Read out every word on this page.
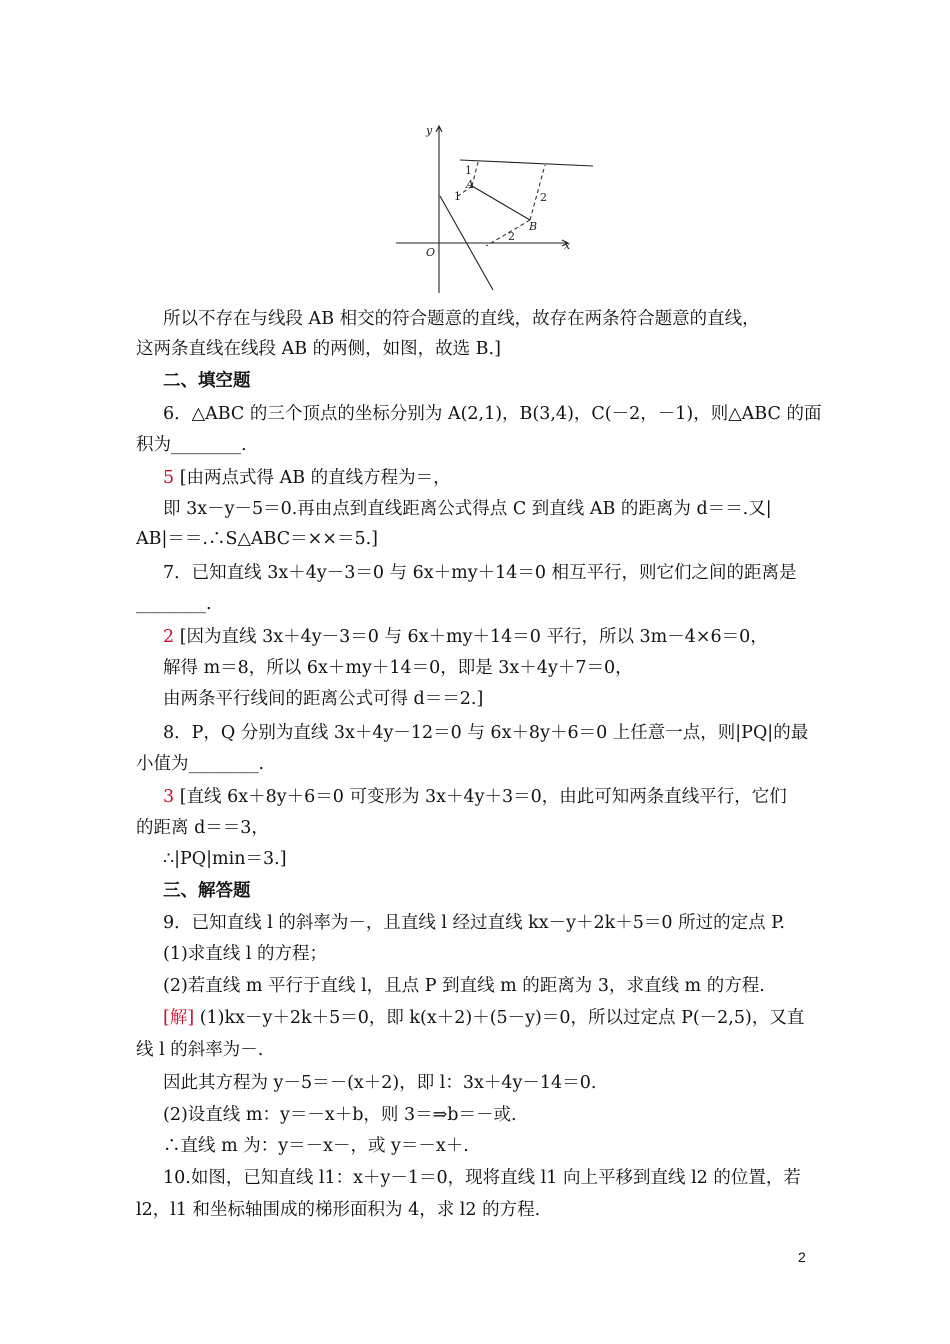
y
x
O
A
B
1
1	2
2
所以不存在与线段 AB 相交的符合题意的直线，故存在两条符合题意的直线，
这两条直线在线段 AB 的两侧，如图，故选 B.]
二、填空题
6．△ABC 的三个顶点的坐标分别为 A(2,1)，B(3,4)，C(－2，－1)，则△ABC 的面
积为________.
5 [由两点式得 AB 的直线方程为＝，
即 3x－y－5＝0.再由点到直线距离公式得点 C 到直线 AB 的距离为 d＝＝.又|
AB|＝＝.∴S△ABC＝××＝5.]
7．已知直线 3x＋4y－3＝0 与 6x＋my＋14＝0 相互平行，则它们之间的距离是
________.
2 [因为直线 3x＋4y－3＝0 与 6x＋my＋14＝0 平行，所以 3m－4×6＝0，
解得 m＝8，所以 6x＋my＋14＝0，即是 3x＋4y＋7＝0，
由两条平行线间的距离公式可得 d＝＝2.]
8．P，Q 分别为直线 3x＋4y－12＝0 与 6x＋8y＋6＝0 上任意一点，则|PQ|的最
小值为________.
3 [直线 6x＋8y＋6＝0 可变形为 3x＋4y＋3＝0，由此可知两条直线平行，它们
的距离 d＝＝3，
∴|PQ|min＝3.]
三、解答题
9．已知直线 l 的斜率为－，且直线 l 经过直线 kx－y＋2k＋5＝0 所过的定点 P.
(1)求直线 l 的方程；
(2)若直线 m 平行于直线 l，且点 P 到直线 m 的距离为 3，求直线 m 的方程.
[解] (1)kx－y＋2k＋5＝0，即 k(x＋2)＋(5－y)＝0，所以过定点 P(－2,5)，又直
线 l 的斜率为－.
因此其方程为 y－5＝－(x＋2)，即 l：3x＋4y－14＝0.
(2)设直线 m：y＝－x＋b，则 3＝⇒b＝－或.
∴直线 m 为：y＝－x－，或 y＝－x＋.
10.如图，已知直线 l1：x＋y－1＝0，现将直线 l1 向上平移到直线 l2 的位置，若
l2，l1 和坐标轴围成的梯形面积为 4，求 l2 的方程.
2
